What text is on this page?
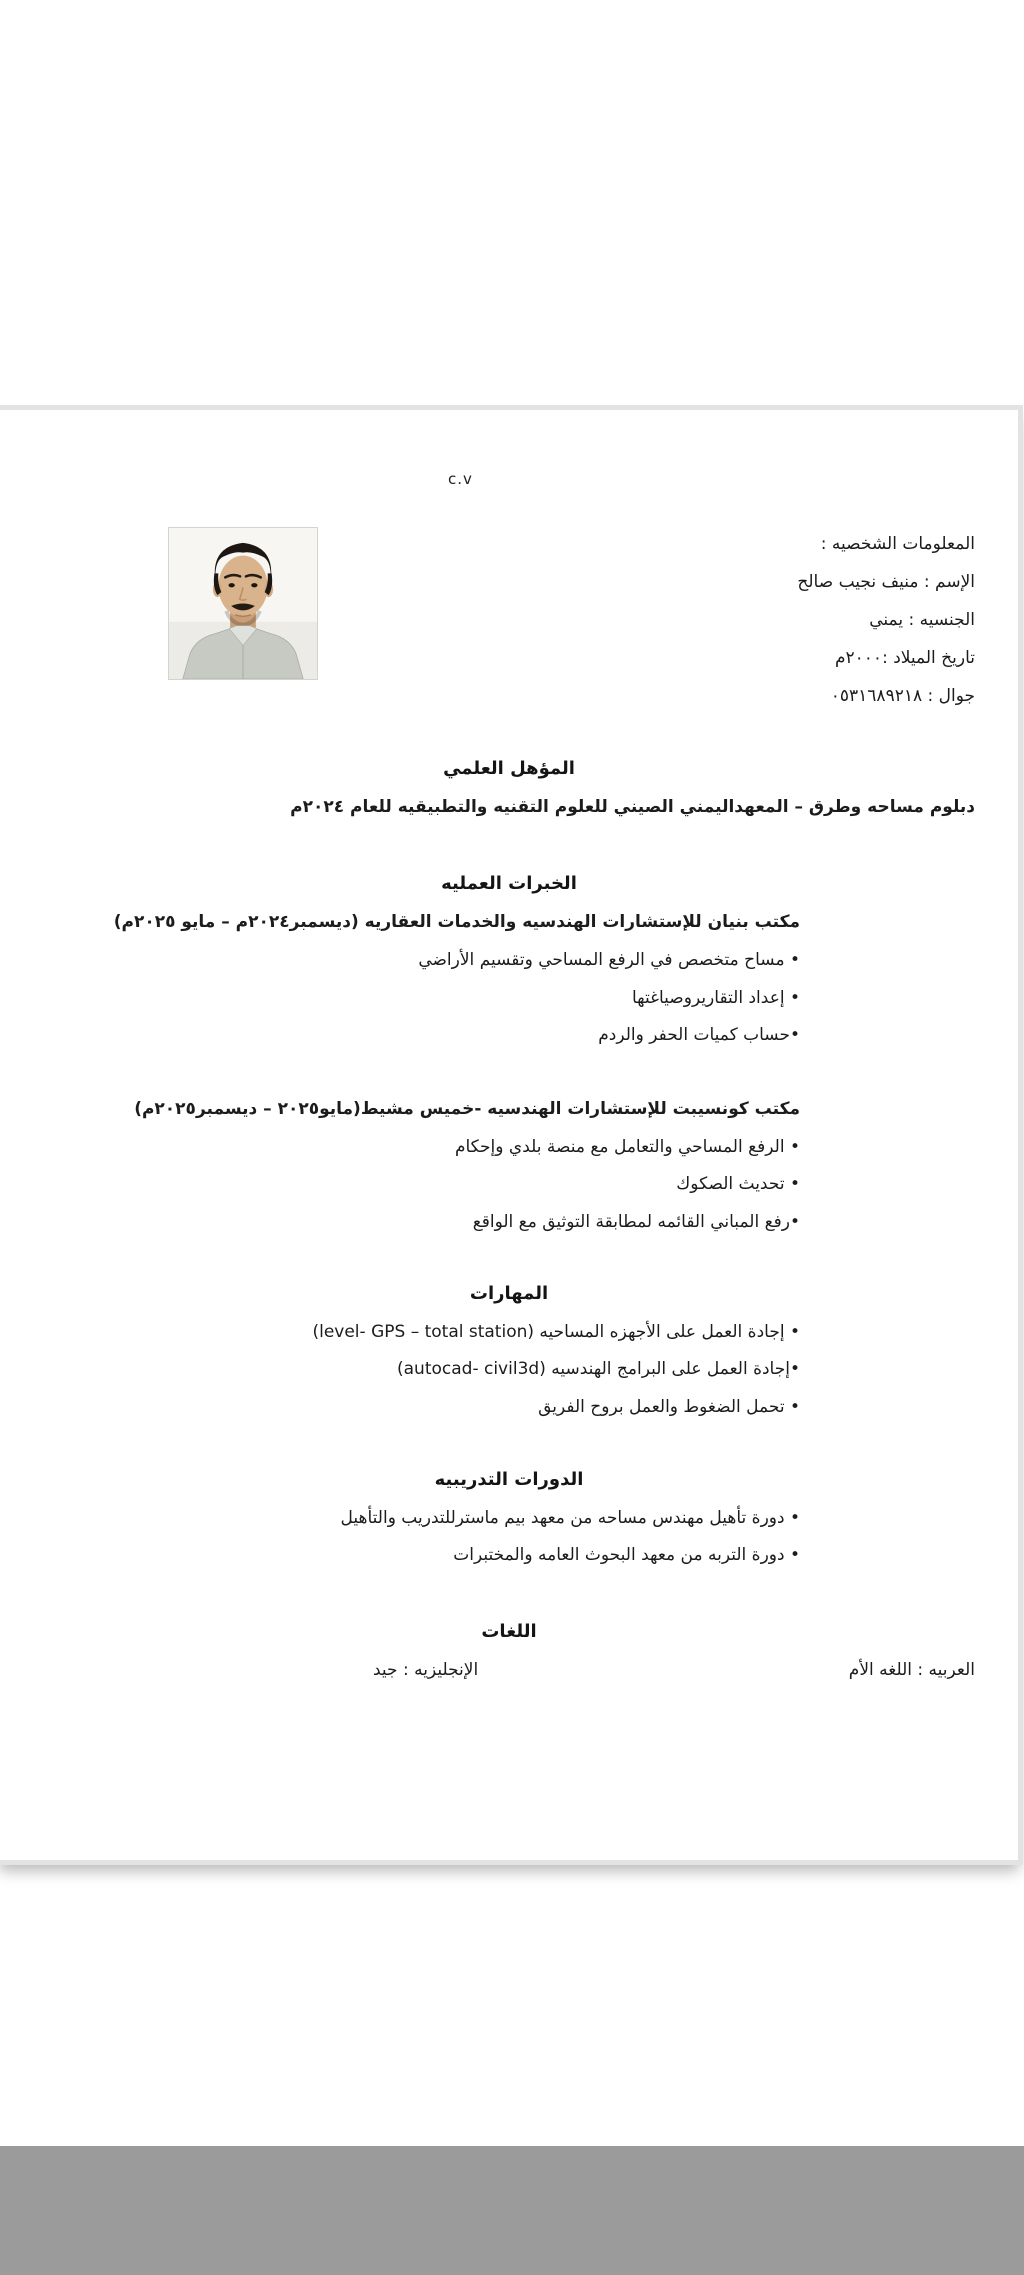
c.v
المعلومات الشخصيه :
الإسم : منيف نجيب صالح
الجنسيه : يمني
تاريخ الميلاد :٢٠٠٠م
جوال : ٠٥٣١٦٨٩٢١٨
المؤهل العلمي
دبلوم مساحه وطرق – المعهداليمني الصيني للعلوم التقنيه والتطبيقيه للعام ٢٠٢٤م
الخبرات العمليه
مكتب بنيان للإستشارات الهندسيه والخدمات العقاريه (ديسمبر٢٠٢٤م – مايو ٢٠٢٥م)
• مساح متخصص في الرفع المساحي وتقسيم الأراضي
• إعداد التقاريروصياغتها
•حساب كميات الحفر والردم
مكتب كونسيبت للإستشارات الهندسيه -خميس مشيط(مايو٢٠٢٥ – ديسمبر٢٠٢٥م)
• الرفع المساحي والتعامل مع منصة بلدي وإحكام
• تحديث الصكوك
•رفع المباني القائمه لمطابقة التوثيق مع الواقع
المهارات
• إجادة العمل على الأجهزه المساحيه (level- GPS – total station)
•إجادة العمل على البرامج الهندسيه (autocad- civil3d)
• تحمل الضغوط والعمل بروح الفريق
الدورات التدريبيه
• دورة تأهيل مهندس مساحه من معهد بيم ماسترللتدريب والتأهيل
• دورة التربه من معهد البحوث العامه والمختبرات
اللغات
العربيه : اللغه الأم
الإنجليزيه : جيد
